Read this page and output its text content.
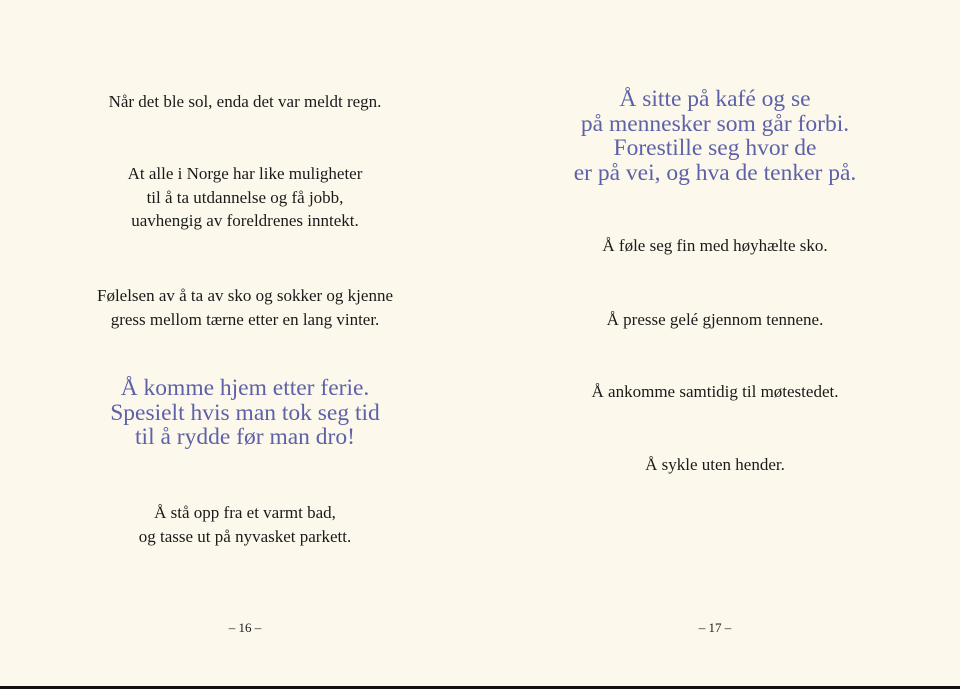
Når det ble sol, enda det var meldt regn.

At alle i Norge har like muligheter
til å ta utdannelse og få jobb,
uavhengig av foreldrenes inntekt.

Følelsen av å ta av sko og sokker og kjenne
gress mellom tærne etter en lang vinter.

Å komme hjem etter ferie.
Spesielt hvis man tok seg tid
til å rydde før man dro!

Å stå opp fra et varmt bad,
og tasse ut på nyvasket parkett.

– 16 –

Å sitte på kafé og se
på mennesker som går forbi.
Forestille seg hvor de
er på vei, og hva de tenker på.

Å føle seg fin med høyhælte sko.

Å presse gelé gjennom tennene.

Å ankomme samtidig til møtestedet.

Å sykle uten hender.

– 17 –
